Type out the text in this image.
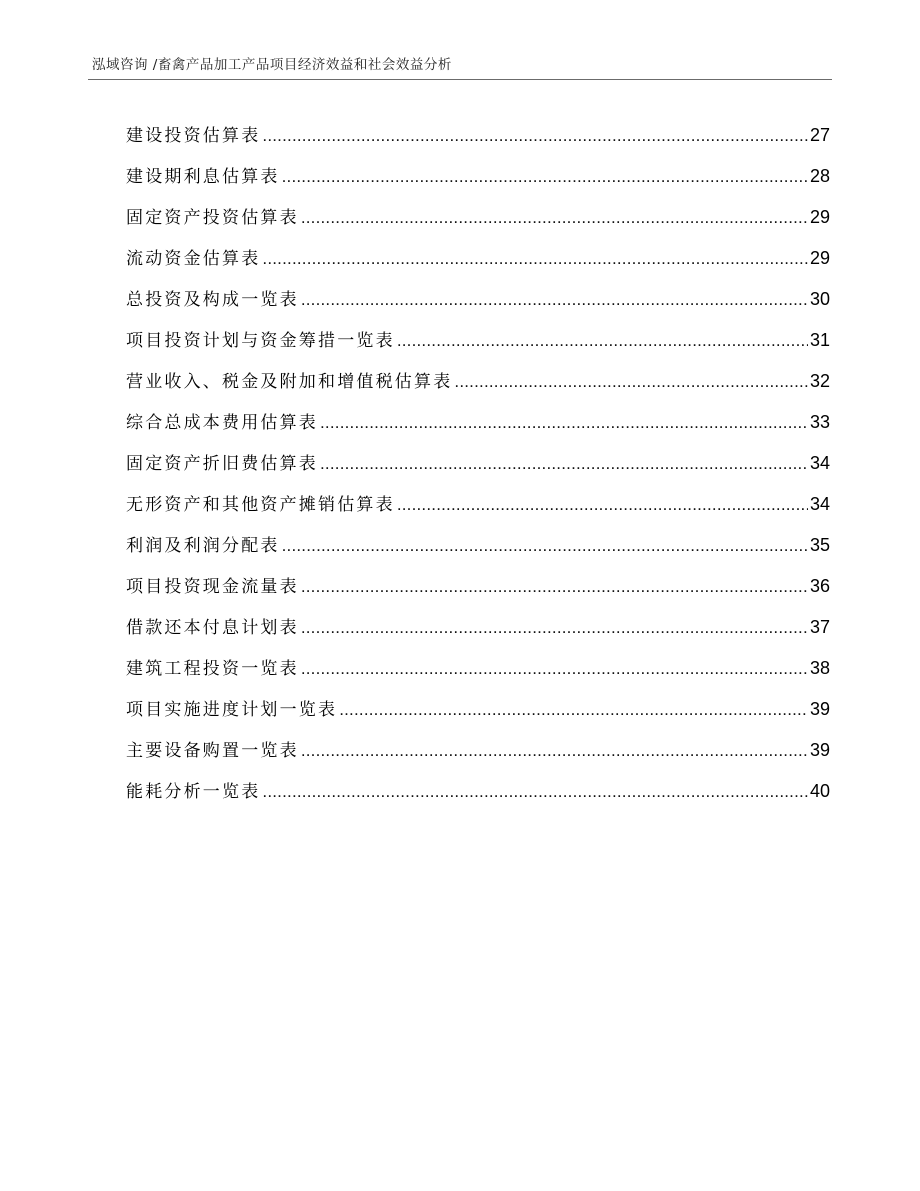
泓域咨询 /畜禽产品加工产品项目经济效益和社会效益分析
建设投资估算表 .....	27
建设期利息估算表 .....	28
固定资产投资估算表 .....	29
流动资金估算表 .....	29
总投资及构成一览表 .....	30
项目投资计划与资金筹措一览表 .....	31
营业收入、税金及附加和增值税估算表 .....	32
综合总成本费用估算表 .....	33
固定资产折旧费估算表 .....	34
无形资产和其他资产摊销估算表 .....	34
利润及利润分配表 .....	35
项目投资现金流量表 .....	36
借款还本付息计划表 .....	37
建筑工程投资一览表 .....	38
项目实施进度计划一览表 .....	39
主要设备购置一览表 .....	39
能耗分析一览表 .....	40
